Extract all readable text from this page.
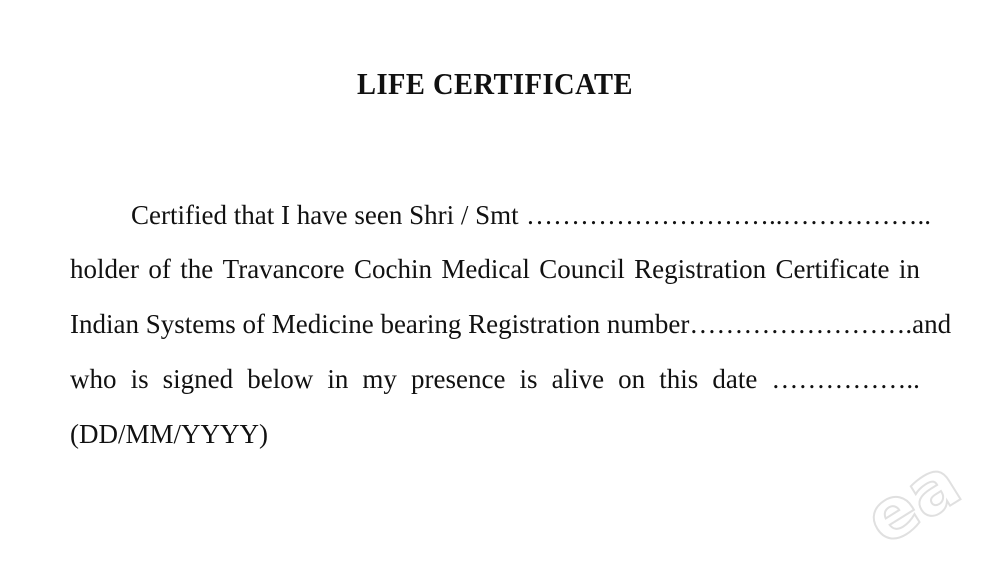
LIFE CERTIFICATE
Certified that I have seen Shri / Smt ………………………..……………..
holder of the Travancore Cochin Medical Council Registration Certificate in
Indian Systems of Medicine bearing Registration number ……………………. and
who is signed below in my presence is alive on this date ……………..
(DD/MM/YYYY)
ea
